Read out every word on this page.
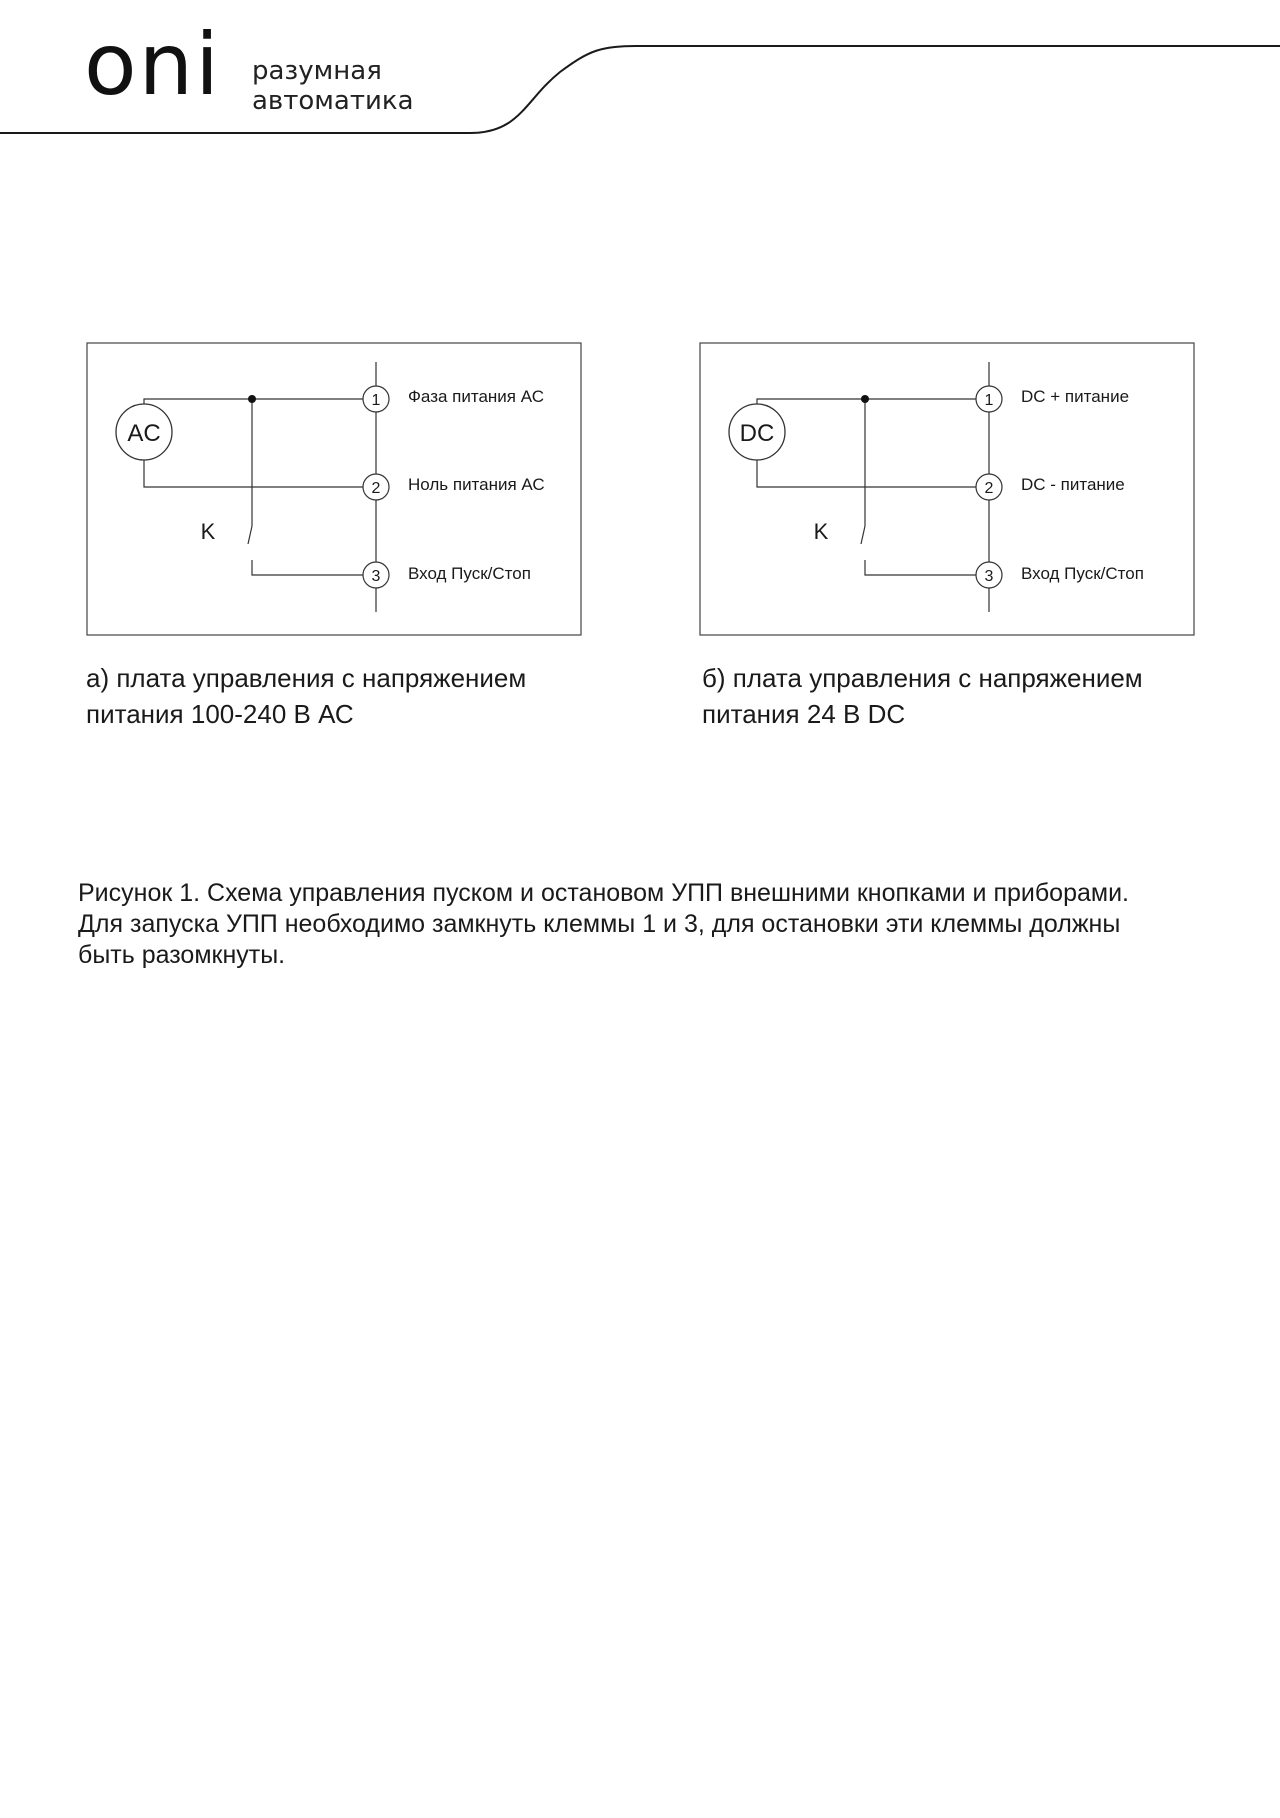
oni разумная
автоматика
AC
K
1 Фаза питания АС
2 Ноль питания АС
3 Вход Пуск/Стоп
DC
K
1 DC + питание
2 DC - питание
3 Вход Пуск/Стоп
а) плата управления с напряжением
питания 100-240 В АС
б) плата управления с напряжением
питания 24 В DC
Рисунок 1. Схема управления пуском и остановом УПП внешними кнопками и приборами.
Для запуска УПП необходимо замкнуть клеммы 1 и 3, для остановки эти клеммы должны
быть разомкнуты.
